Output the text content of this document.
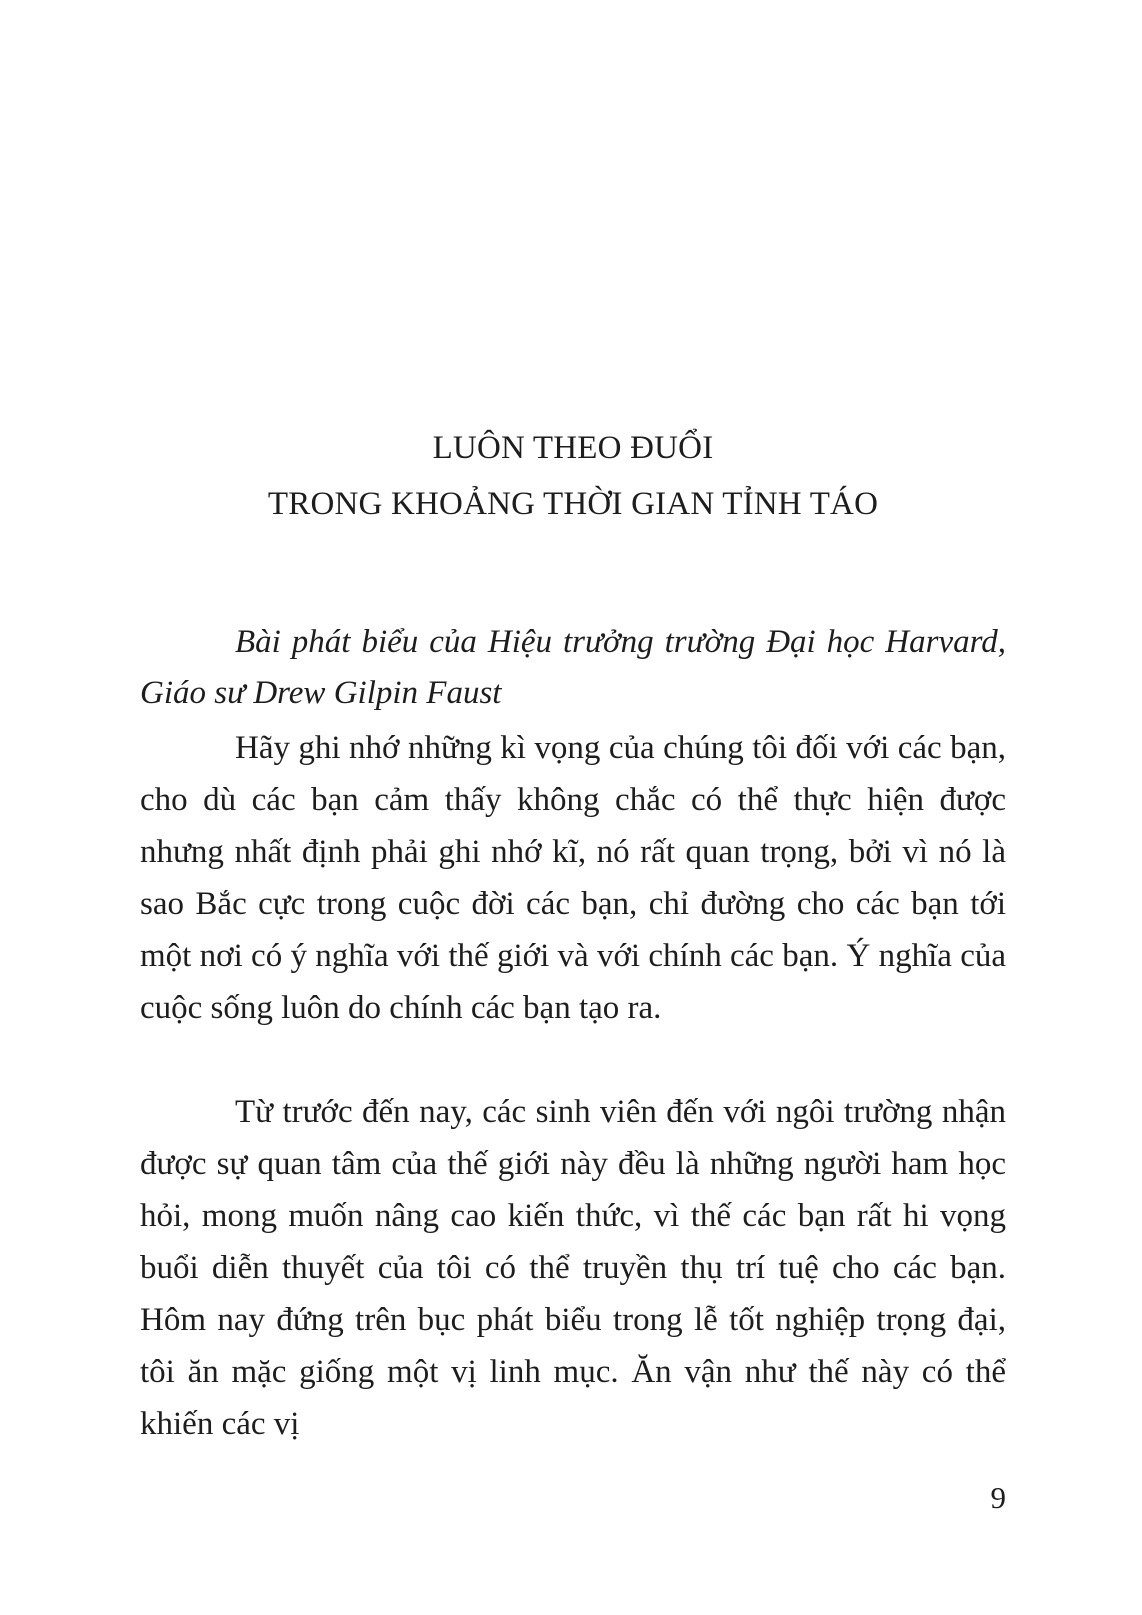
LUÔN THEO ĐUỔI
TRONG KHOẢNG THỜI GIAN TỈNH TÁO
Bài phát biểu của Hiệu trưởng trường Đại học Harvard, Giáo sư Drew Gilpin Faust
Hãy ghi nhớ những kì vọng của chúng tôi đối với các bạn, cho dù các bạn cảm thấy không chắc có thể thực hiện được nhưng nhất định phải ghi nhớ kĩ, nó rất quan trọng, bởi vì nó là sao Bắc cực trong cuộc đời các bạn, chỉ đường cho các bạn tới một nơi có ý nghĩa với thế giới và với chính các bạn. Ý nghĩa của cuộc sống luôn do chính các bạn tạo ra.
Từ trước đến nay, các sinh viên đến với ngôi trường nhận được sự quan tâm của thế giới này đều là những người ham học hỏi, mong muốn nâng cao kiến thức, vì thế các bạn rất hi vọng buổi diễn thuyết của tôi có thể truyền thụ trí tuệ cho các bạn. Hôm nay đứng trên bục phát biểu trong lễ tốt nghiệp trọng đại, tôi ăn mặc giống một vị linh mục. Ăn vận như thế này có thể khiến các vị
9
